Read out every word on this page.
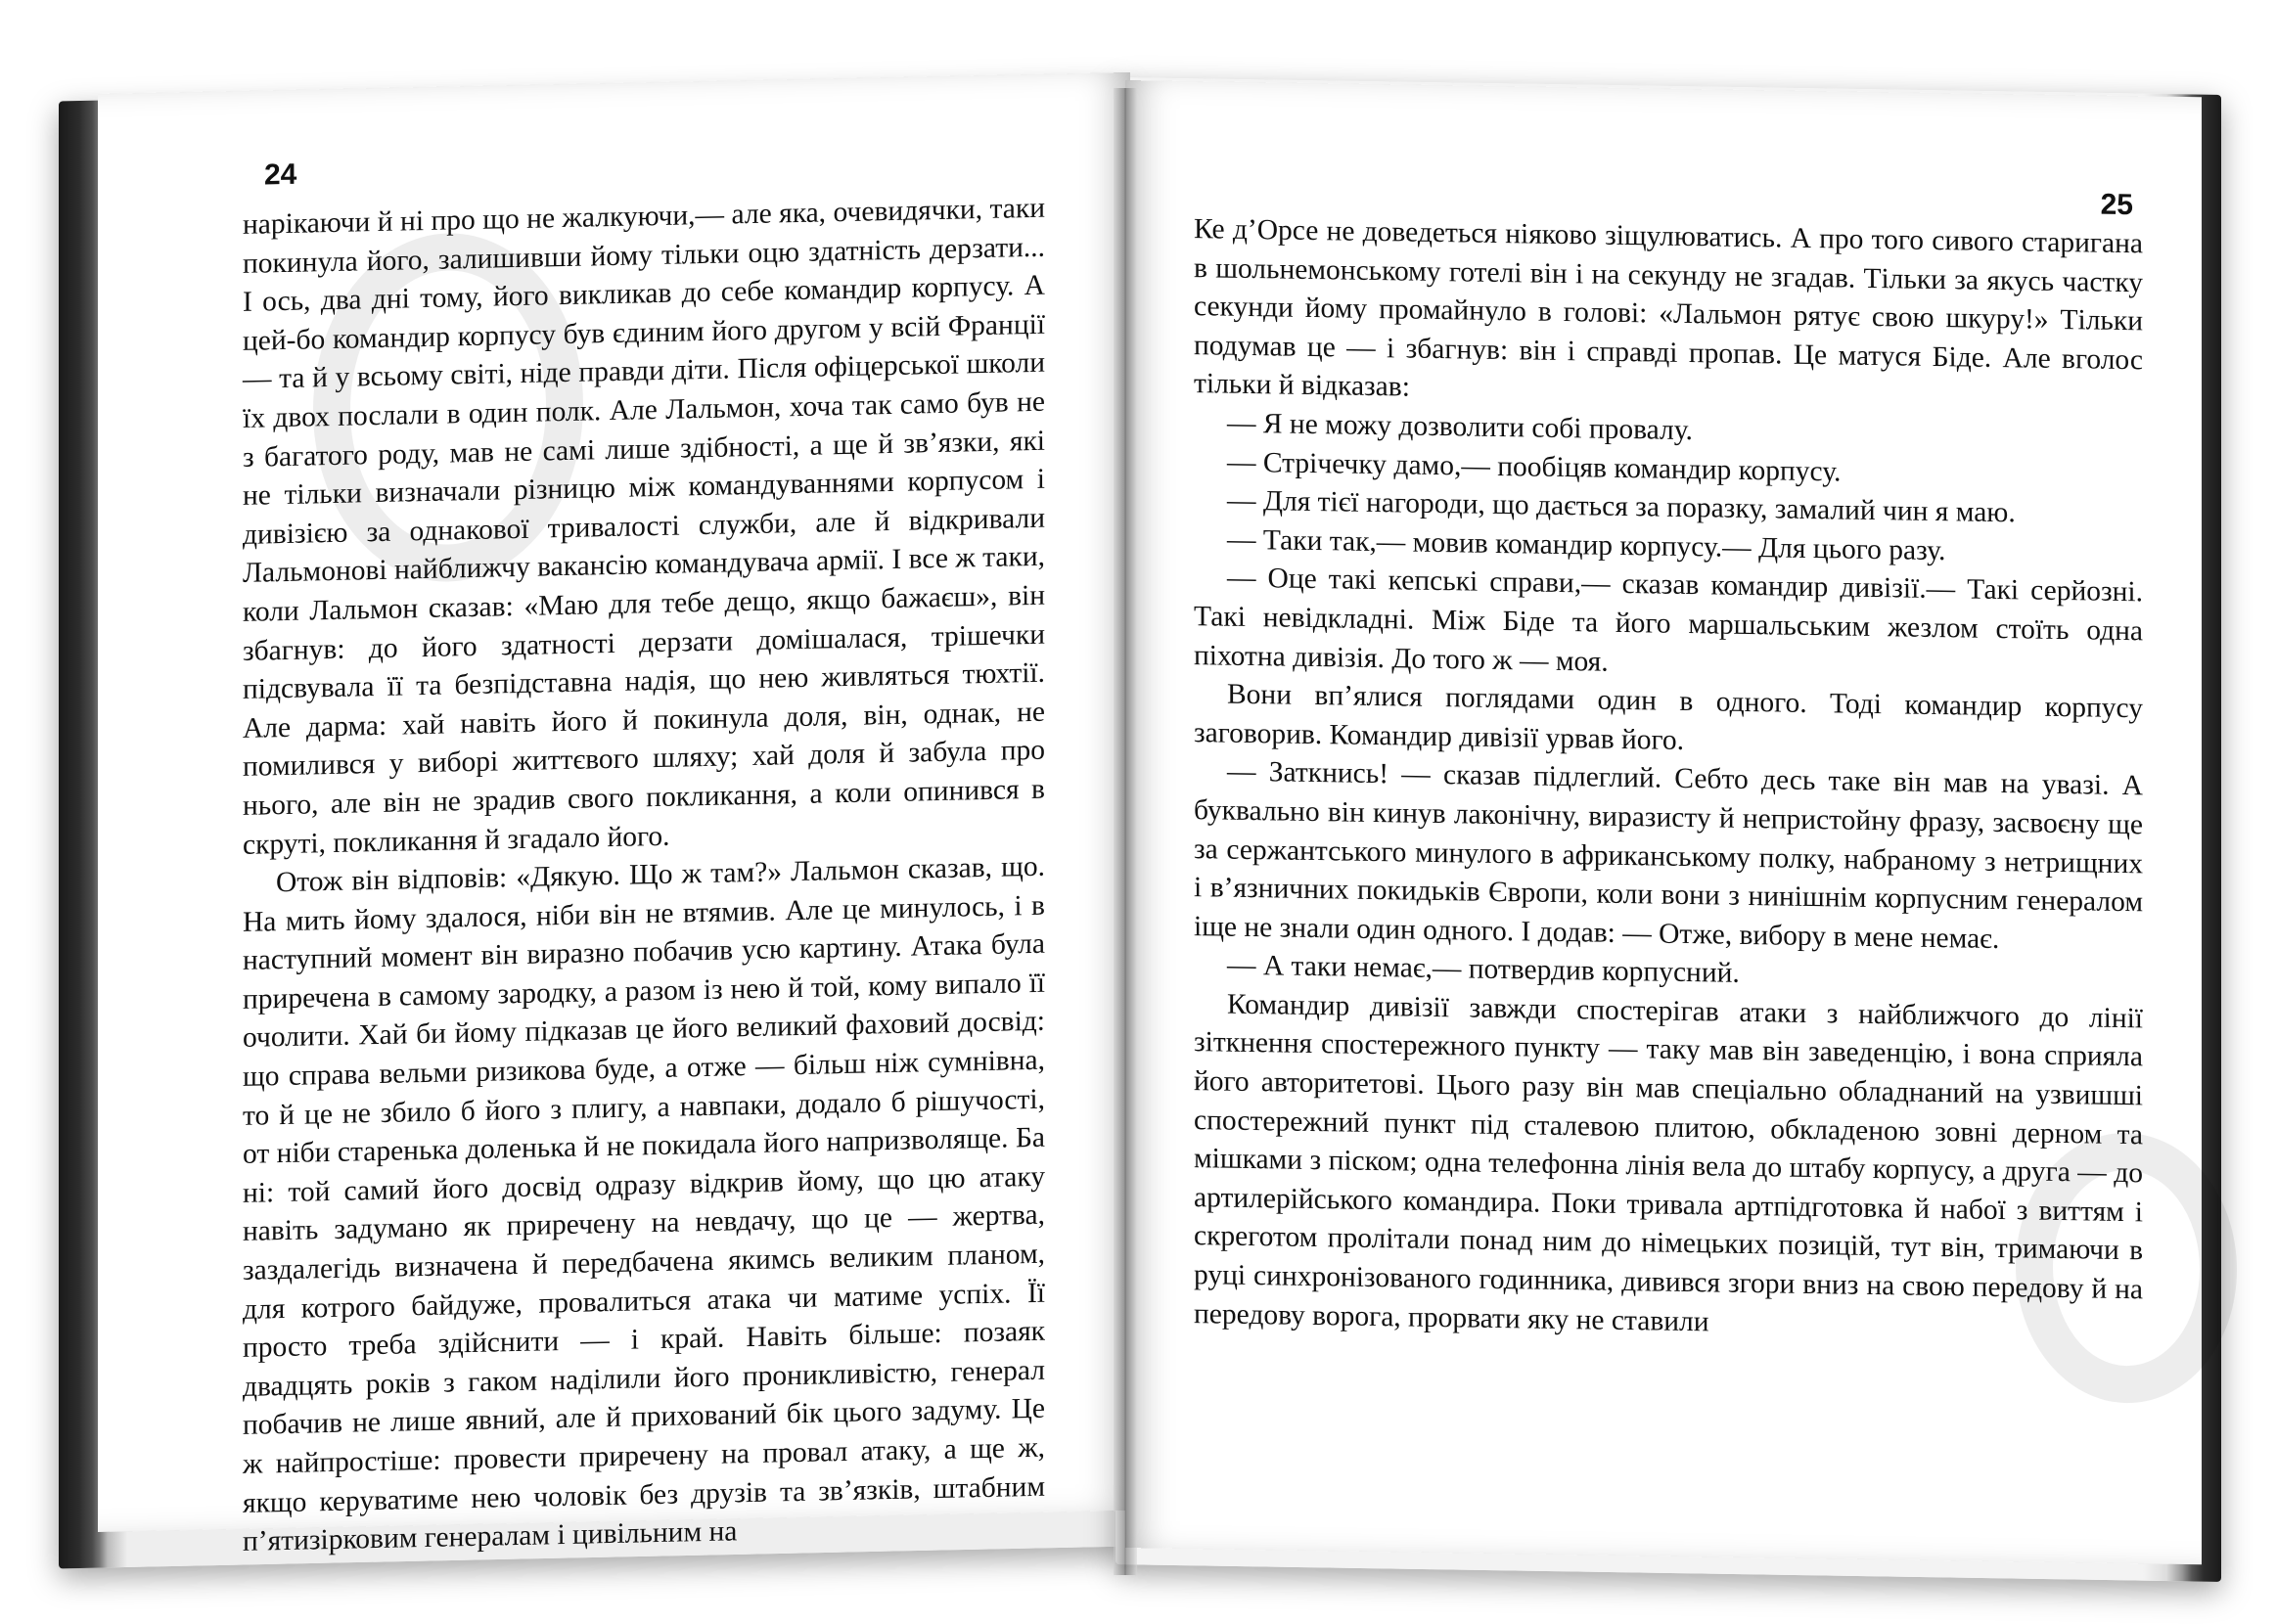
24

нарікаючи й ні про що не жалкуючи,— але яка, очевидячки, таки покинула його, залишивши йому тільки оцю здатність дерзати... І ось, два дні тому, його викликав до себе командир корпусу. А цей-бо командир корпусу був єдиним його другом у всій Франції — та й у всьому світі, ніде правди діти. Після офіцерської школи їх двох послали в один полк. Але Лальмон, хоча так само був не з багатого роду, мав не самі лише здібності, а ще й зв’язки, які не тільки визначали різницю між командуваннями корпусом і дивізією за однакової тривалості служби, але й відкривали Лальмонові найближчу вакансію командувача армії. І все ж таки, коли Лальмон сказав: «Маю для тебе дещо, якщо бажаєш», він збагнув: до його здатності дерзати домішалася, трішечки підсвувала її та безпідставна надія, що нею живляться тюхтії. Але дарма: хай навіть його й покинула доля, він, однак, не помилився у виборі життєвого шляху; хай доля й забула про нього, але він не зрадив свого покликання, а коли опинився в скруті, покликання й згадало його.

Отож він відповів: «Дякую. Що ж там?» Лальмон сказав, що. На мить йому здалося, ніби він не втямив. Але це минулось, і в наступний момент він виразно побачив усю картину. Атака була приречена в самому зародку, а разом із нею й той, кому випало її очолити. Хай би йому підказав це його великий фаховий досвід: що справа вельми ризикова буде, а отже — більш ніж сумнівна, то й це не збило б його з плигу, а навпаки, додало б рішучості, от ніби старенька доленька й не покидала його напризволяще. Ба ні: той самий його досвід одразу відкрив йому, що цю атаку навіть задумано як приречену на невдачу, що це — жертва, заздалегідь визначена й передбачена якимсь великим планом, для котрого байдуже, провалиться атака чи матиме успіх. Її просто треба здійснити — і край. Навіть більше: позаяк двадцять років з гаком наділили його проникливістю, генерал побачив не лише явний, але й прихований бік цього задуму. Це ж найпростіше: провести приречену на провал атаку, а ще ж, якщо керуватиме нею чоловік без друзів та зв’язків, штабним п’ятизірковим генералам і цивільним на

25

Ке д’Орсе не доведеться ніяково зіщулюватись. А про того сивого старигана в шольнемонському готелі він і на секунду не згадав. Тільки за якусь частку секунди йому промайнуло в голові: «Лальмон рятує свою шкуру!» Тільки подумав це — і збагнув: він і справді пропав. Це матуся Біде. Але вголос тільки й відказав:

— Я не можу дозволити собі провалу.

— Стрічечку дамо,— пообіцяв командир корпусу.

— Для тієї нагороди, що дається за поразку, замалий чин я маю.

— Таки так,— мовив командир корпусу.— Для цього разу.

— Оце такі кепські справи,— сказав командир дивізії.— Такі серйозні. Такі невідкладні. Між Біде та його маршальським жезлом стоїть одна піхотна дивізія. До того ж — моя.

Вони вп’ялися поглядами один в одного. Тоді командир корпусу заговорив. Командир дивізії урвав його.

— Заткнись! — сказав підлеглий. Себто десь таке він мав на увазі. А буквально він кинув лаконічну, виразисту й непристойну фразу, засвоєну ще за сержантського минулого в африканському полку, набраному з нетрищних і в’язничних покидьків Європи, коли вони з нинішнім корпусним генералом іще не знали один одного. І додав: — Отже, вибору в мене немає.

— А таки немає,— потвердив корпусний.

Командир дивізії завжди спостерігав атаки з найближчого до лінії зіткнення спостережного пункту — таку мав він заведенцію, і вона сприяла його авторитетові. Цього разу він мав спеціально обладнаний на узвишші спостережний пункт під сталевою плитою, обкладеною зовні дерном та мішками з піском; одна телефонна лінія вела до штабу корпусу, а друга — до артилерійського командира. Поки тривала артпідготовка й набої з виттям і скреготом пролітали понад ним до німецьких позицій, тут він, тримаючи в руці синхронізованого годинника, дивився згори вниз на свою передову й на передову ворога, прорвати яку не ставили
